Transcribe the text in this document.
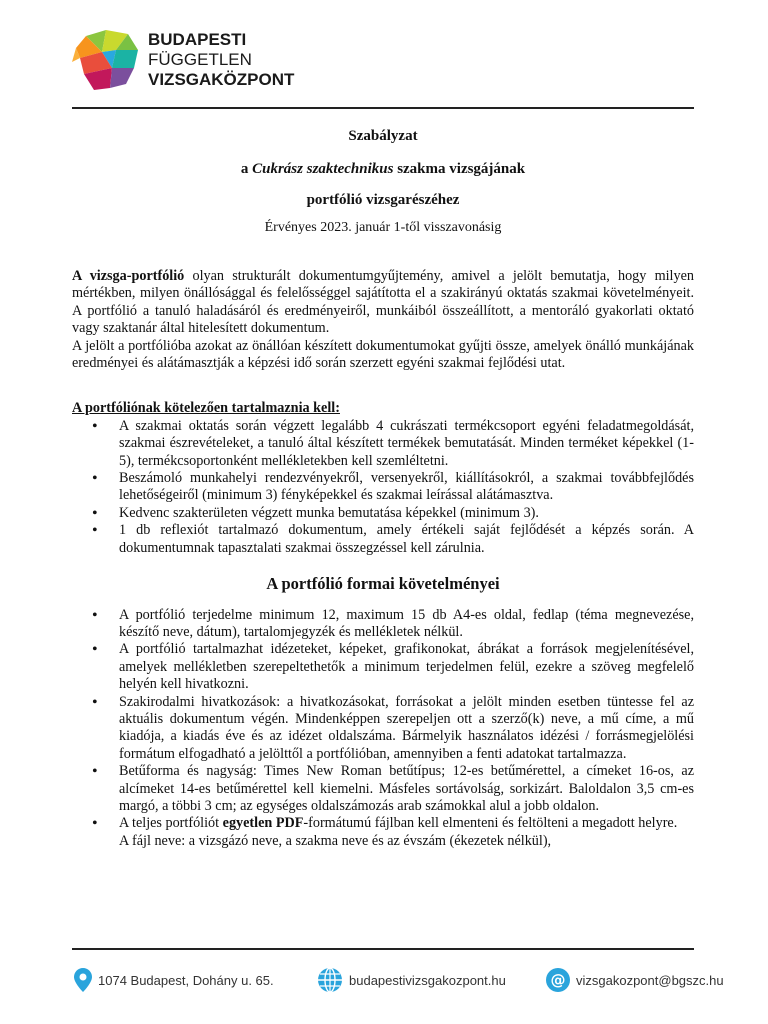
BUDAPESTI
FÜGGETLEN
VIZSGAKÖZPONT
Szabályzat
a Cukrász szaktechnikus szakma vizsgájának
portfólió vizsgarészéhez
Érvényes 2023. január 1-től visszavonásig

A vizsga-portfólió olyan strukturált dokumentumgyűjtemény, amivel a jelölt bemutatja, hogy milyen mértékben, milyen önállósággal és felelősséggel sajátította el a szakirányú oktatás szakmai követelményeit. A portfólió a tanuló haladásáról és eredményeiről, munkáiból összeállított, a mentoráló gyakorlati oktató vagy szaktanár által hitelesített dokumentum.

A jelölt a portfólióba azokat az önállóan készített dokumentumokat gyűjti össze, amelyek önálló munkájának eredményei és alátámasztják a képzési idő során szerzett egyéni szakmai fejlődési utat.

A portfóliónak kötelezően tartalmaznia kell:

• A szakmai oktatás során végzett legalább 4 cukrászati termékcsoport egyéni feladatmegoldását, szakmai észrevételeket, a tanuló által készített termékek bemutatását. Minden terméket képekkel (1-5), termékcsoportonként mellékletekben kell szemléltetni.
• Beszámoló munkahelyi rendezvényekről, versenyekről, kiállításokról, a szakmai továbbfejlődés lehetőségeiről (minimum 3) fényképekkel és szakmai leírással alátámasztva.
• Kedvenc szakterületen végzett munka bemutatása képekkel (minimum 3).
• 1 db reflexiót tartalmazó dokumentum, amely értékeli saját fejlődését a képzés során. A dokumentumnak tapasztalati szakmai összegzéssel kell zárulnia.
A portfólió formai követelményei
• A portfólió terjedelme minimum 12, maximum 15 db A4-es oldal, fedlap (téma megnevezése, készítő neve, dátum), tartalomjegyzék és mellékletek nélkül.
• A portfólió tartalmazhat idézeteket, képeket, grafikonokat, ábrákat a források megjelenítésével, amelyek mellékletben szerepeltethetők a minimum terjedelmen felül, ezekre a szöveg megfelelő helyén kell hivatkozni.
• Szakirodalmi hivatkozások: a hivatkozásokat, forrásokat a jelölt minden esetben tüntesse fel az aktuális dokumentum végén. Mindenképpen szerepeljen ott a szerző(k) neve, a mű címe, a mű kiadója, a kiadás éve és az idézet oldalszáma. Bármelyik használatos idézési / forrásmegjelölési formátum elfogadható a jelölttől a portfólióban, amennyiben a fenti adatokat tartalmazza.
• Betűforma és nagyság: Times New Roman betűtípus; 12-es betűmérettel, a címeket 16-os, az alcímeket 14-es betűmérettel kell kiemelni. Másfeles sortávolság, sorkizárt. Baloldalon 3,5 cm-es margó, a többi 3 cm; az egységes oldalszámozás arab számokkal alul a jobb oldalon.
• A teljes portfóliót egyetlen PDF-formátumú fájlban kell elmenteni és feltölteni a megadott helyre.
A fájl neve: a vizsgázó neve, a szakma neve és az évszám (ékezetek nélkül),
1074 Budapest, Dohány u. 65.	budapestivizsgakozpont.hu	@ vizsgakozpont@bgszc.hu
